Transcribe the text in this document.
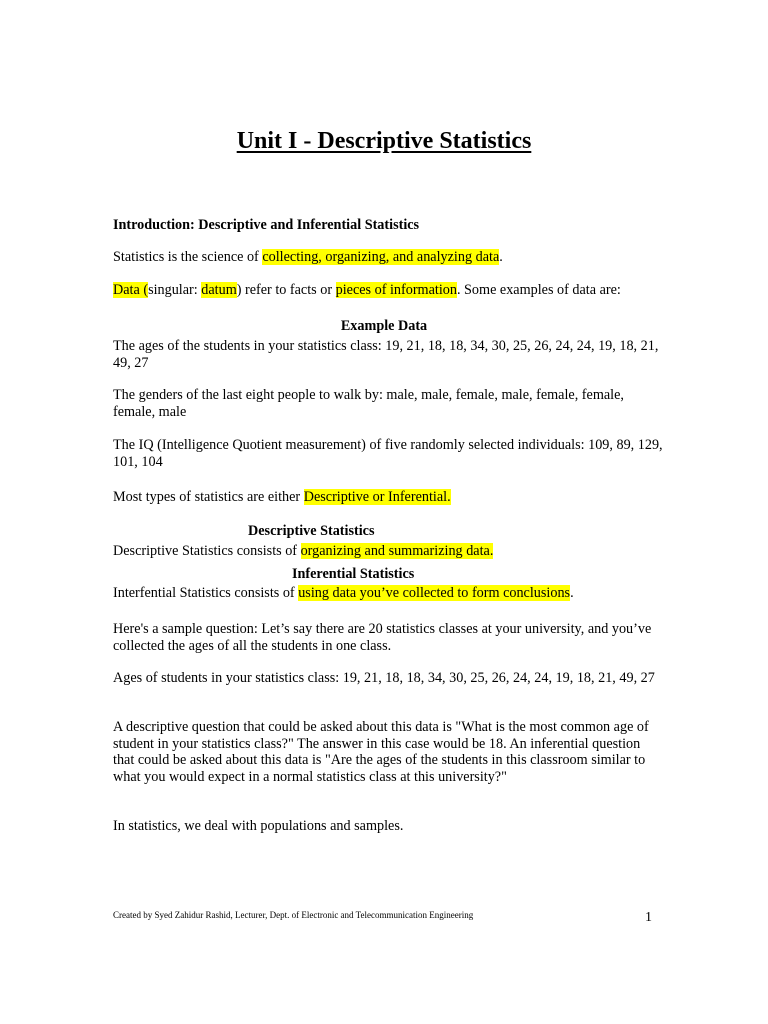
Unit I - Descriptive Statistics

Introduction: Descriptive and Inferential Statistics

Statistics is the science of collecting, organizing, and analyzing data.

Data (singular: datum) refer to facts or pieces of information. Some examples of data are:

Example Data

The ages of the students in your statistics class: 19, 21, 18, 18, 34, 30, 25, 26, 24, 24, 19, 18, 21, 49, 27

The genders of the last eight people to walk by: male, male, female, male, female, female, female, male

The IQ (Intelligence Quotient measurement) of five randomly selected individuals: 109, 89, 129, 101, 104

Most types of statistics are either Descriptive or Inferential.

Descriptive Statistics

Descriptive Statistics consists of organizing and summarizing data.

Inferential Statistics

Interfential Statistics consists of using data you’ve collected to form conclusions.

Here's a sample question: Let’s say there are 20 statistics classes at your university, and you’ve collected the ages of all the students in one class.

Ages of students in your statistics class: 19, 21, 18, 18, 34, 30, 25, 26, 24, 24, 19, 18, 21, 49, 27

A descriptive question that could be asked about this data is "What is the most common age of student in your statistics class?" The answer in this case would be 18. An inferential question that could be asked about this data is "Are the ages of the students in this classroom similar to what you would expect in a normal statistics class at this university?"

In statistics, we deal with populations and samples.

Created by Syed Zahidur Rashid, Lecturer, Dept. of Electronic and Telecommunication Engineering	1
